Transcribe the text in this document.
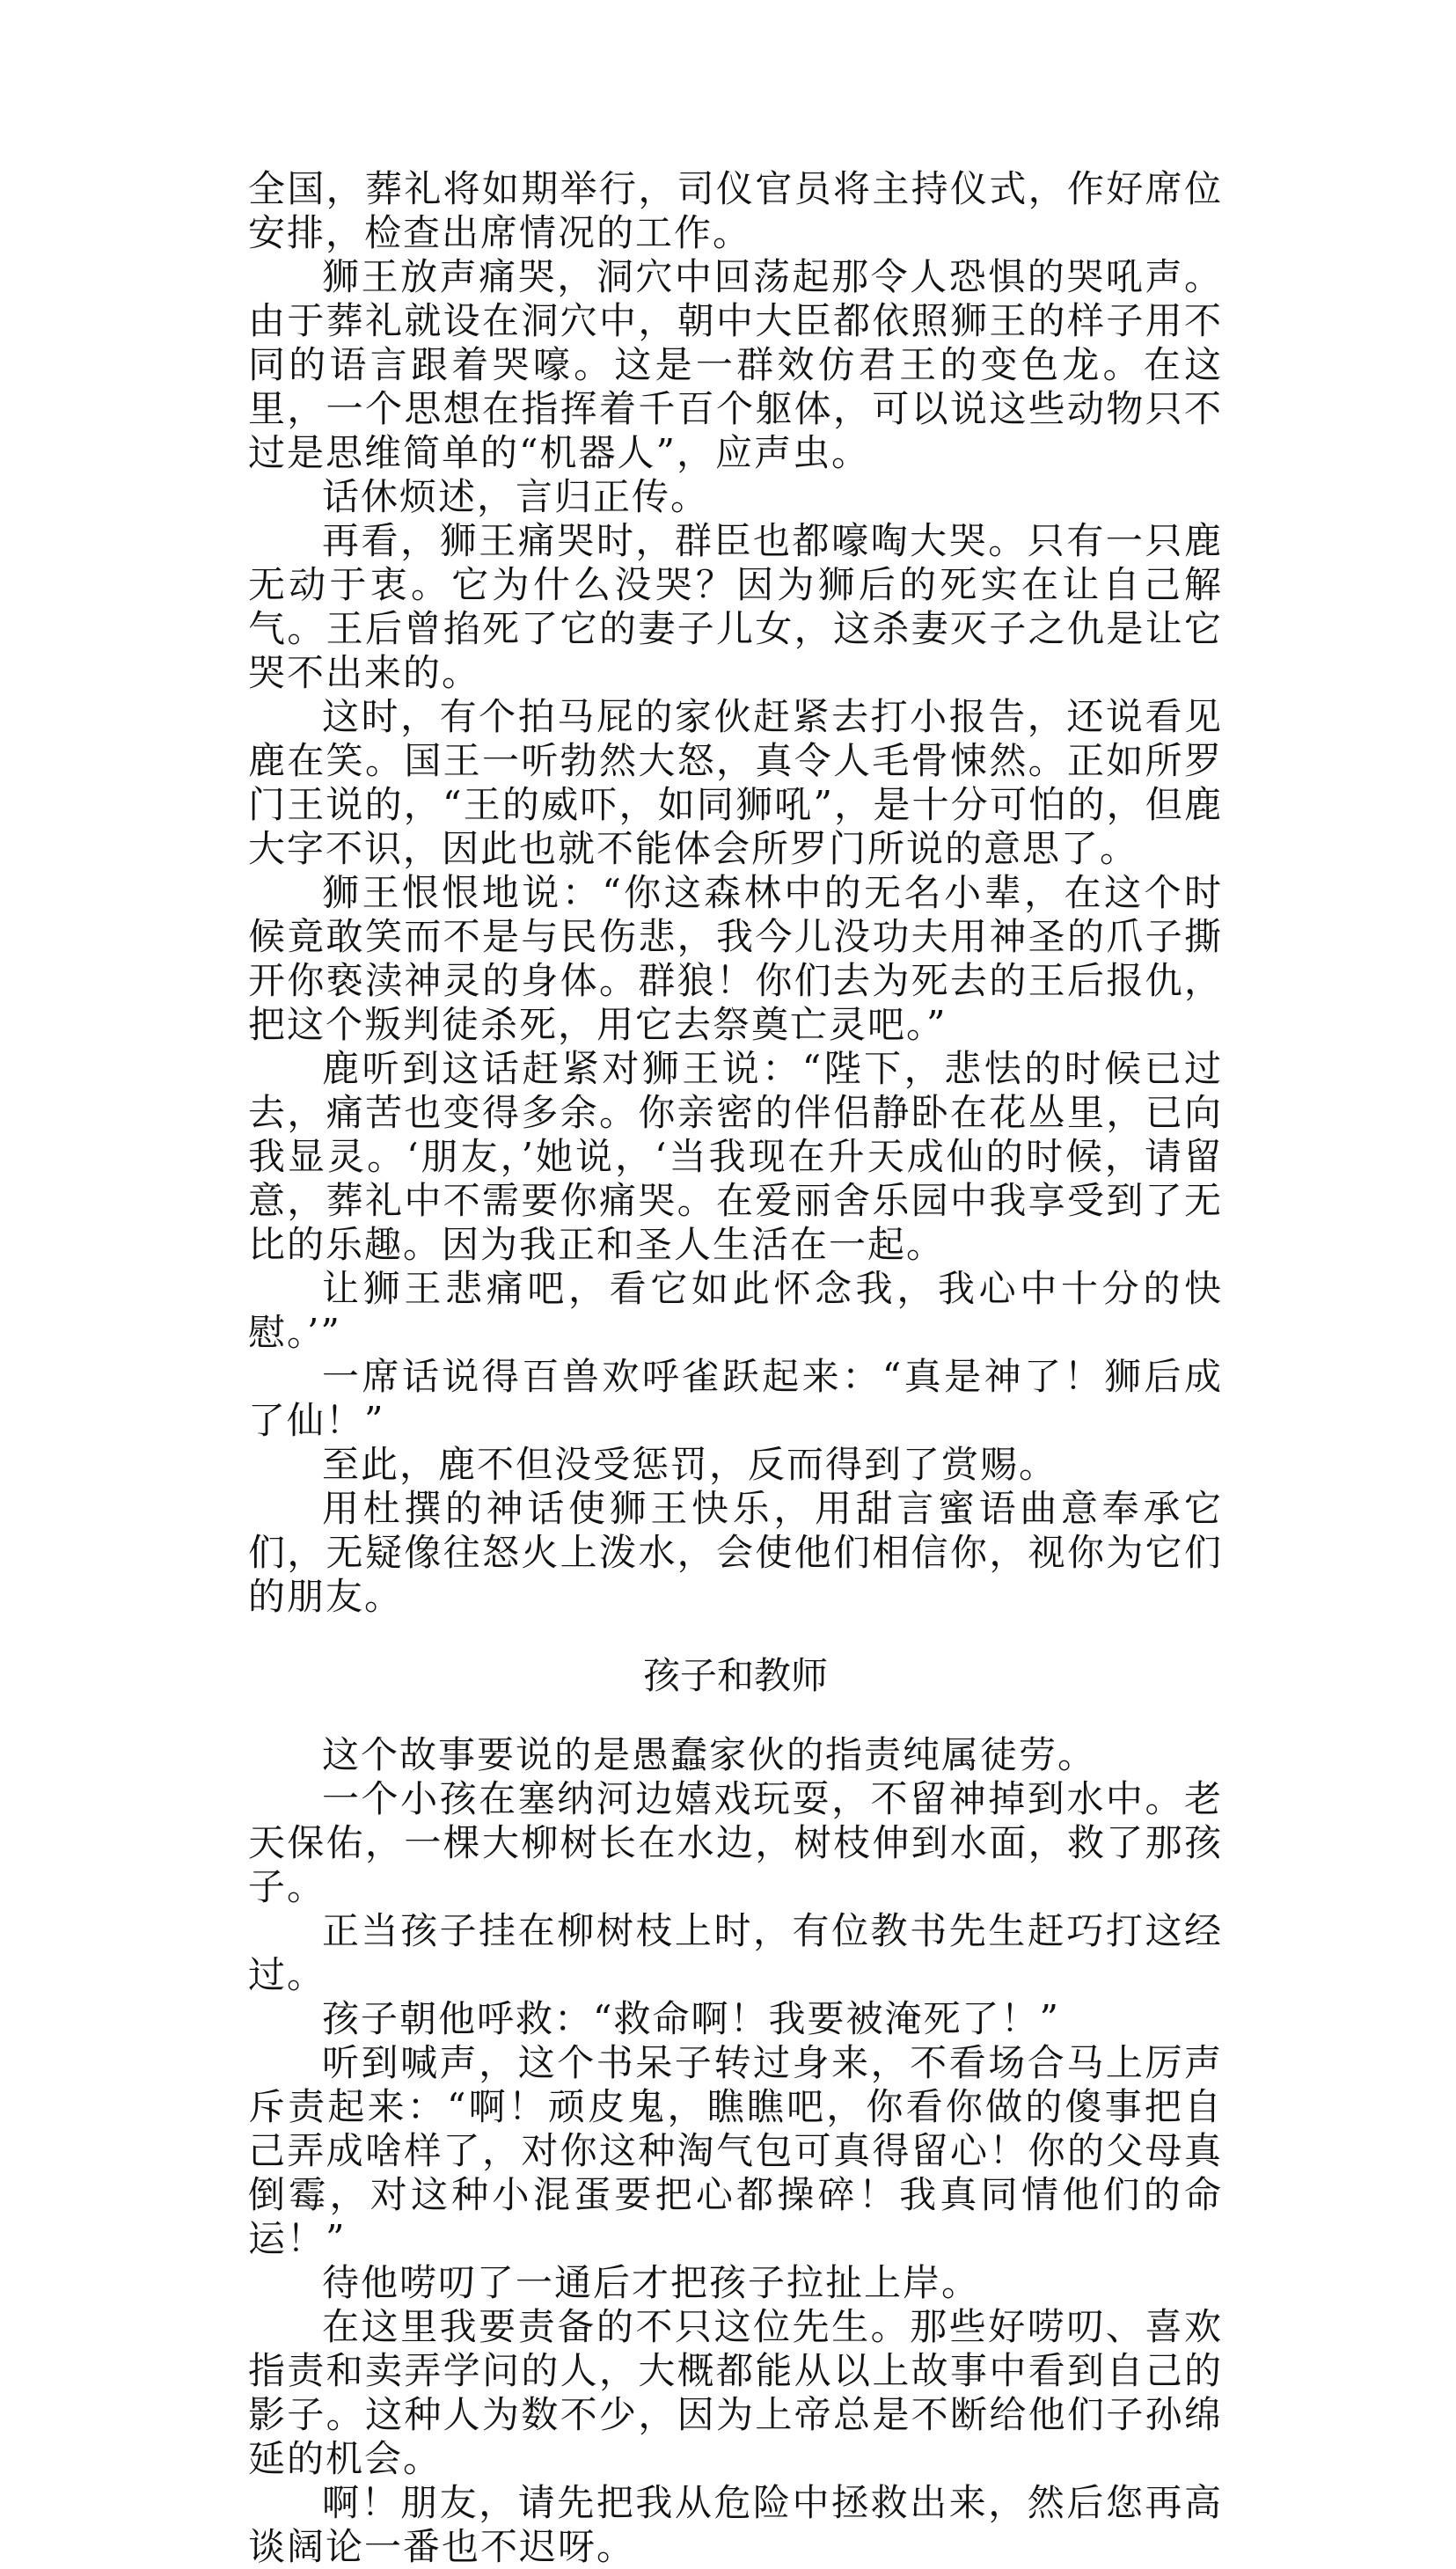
全国，葬礼将如期举行，司仪官员将主持仪式，作好席位安排，检查出席情况的工作。

狮王放声痛哭，洞穴中回荡起那令人恐惧的哭吼声。由于葬礼就设在洞穴中，朝中大臣都依照狮王的样子用不同的语言跟着哭嚎。这是一群效仿君王的变色龙。在这里，一个思想在指挥着千百个躯体，可以说这些动物只不过是思维简单的“机器人”，应声虫。

话休烦述，言归正传。

再看，狮王痛哭时，群臣也都嚎啕大哭。只有一只鹿无动于衷。它为什么没哭？因为狮后的死实在让自己解气。王后曾掐死了它的妻子儿女，这杀妻灭子之仇是让它哭不出来的。

这时，有个拍马屁的家伙赶紧去打小报告，还说看见鹿在笑。国王一听勃然大怒，真令人毛骨悚然。正如所罗门王说的，“王的威吓，如同狮吼”，是十分可怕的，但鹿大字不识，因此也就不能体会所罗门所说的意思了。

狮王恨恨地说：“你这森林中的无名小辈，在这个时候竟敢笑而不是与民伤悲，我今儿没功夫用神圣的爪子撕开你亵渎神灵的身体。群狼！你们去为死去的王后报仇，把这个叛判徒杀死，用它去祭奠亡灵吧。”

鹿听到这话赶紧对狮王说：“陛下，悲怯的时候已过去，痛苦也变得多余。你亲密的伴侣静卧在花丛里，已向我显灵。‘朋友，’她说，‘当我现在升天成仙的时候，请留意，葬礼中不需要你痛哭。在爱丽舍乐园中我享受到了无比的乐趣。因为我正和圣人生活在一起。

让狮王悲痛吧，看它如此怀念我，我心中十分的快慰。’”

一席话说得百兽欢呼雀跃起来：“真是神了！狮后成了仙！”

至此，鹿不但没受惩罚，反而得到了赏赐。

用杜撰的神话使狮王快乐，用甜言蜜语曲意奉承它们，无疑像往怒火上泼水，会使他们相信你，视你为它们的朋友。

孩子和教师

这个故事要说的是愚蠢家伙的指责纯属徒劳。

一个小孩在塞纳河边嬉戏玩耍，不留神掉到水中。老天保佑，一棵大柳树长在水边，树枝伸到水面，救了那孩子。

正当孩子挂在柳树枝上时，有位教书先生赶巧打这经过。

孩子朝他呼救：“救命啊！我要被淹死了！”

听到喊声，这个书呆子转过身来，不看场合马上厉声斥责起来：“啊！顽皮鬼，瞧瞧吧，你看你做的傻事把自己弄成啥样了，对你这种淘气包可真得留心！你的父母真倒霉，对这种小混蛋要把心都操碎！我真同情他们的命运！”

待他唠叨了一通后才把孩子拉扯上岸。

在这里我要责备的不只这位先生。那些好唠叨、喜欢指责和卖弄学问的人，大概都能从以上故事中看到自己的影子。这种人为数不少，因为上帝总是不断给他们子孙绵延的机会。

啊！朋友，请先把我从危险中拯救出来，然后您再高谈阔论一番也不迟呀。
